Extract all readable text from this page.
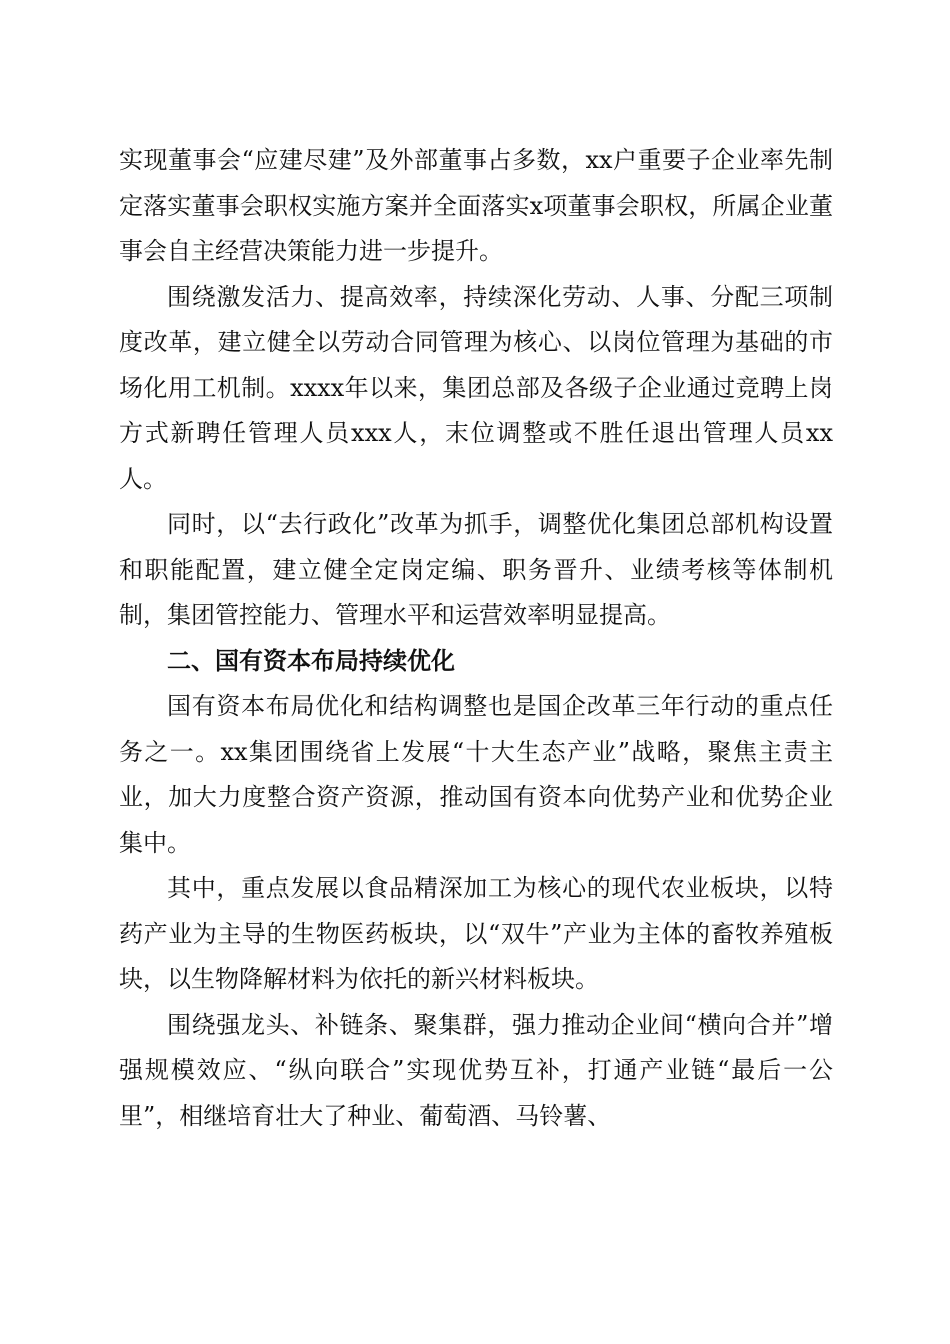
实现董事会“应建尽建”及外部董事占多数，xx户重要子企业率先制定落实董事会职权实施方案并全面落实x项董事会职权，所属企业董事会自主经营决策能力进一步提升。

围绕激发活力、提高效率，持续深化劳动、人事、分配三项制度改革，建立健全以劳动合同管理为核心、以岗位管理为基础的市场化用工机制。xxxx年以来，集团总部及各级子企业通过竞聘上岗方式新聘任管理人员xxx人，末位调整或不胜任退出管理人员xx人。

同时，以“去行政化”改革为抓手，调整优化集团总部机构设置和职能配置，建立健全定岗定编、职务晋升、业绩考核等体制机制，集团管控能力、管理水平和运营效率明显提高。

二、国有资本布局持续优化

国有资本布局优化和结构调整也是国企改革三年行动的重点任务之一。xx集团围绕省上发展“十大生态产业”战略，聚焦主责主业，加大力度整合资产资源，推动国有资本向优势产业和优势企业集中。

其中，重点发展以食品精深加工为核心的现代农业板块，以特药产业为主导的生物医药板块，以“双牛”产业为主体的畜牧养殖板块，以生物降解材料为依托的新兴材料板块。

围绕强龙头、补链条、聚集群，强力推动企业间“横向合并”增强规模效应、“纵向联合”实现优势互补，打通产业链“最后一公里”，相继培育壮大了种业、葡萄酒、马铃薯、
